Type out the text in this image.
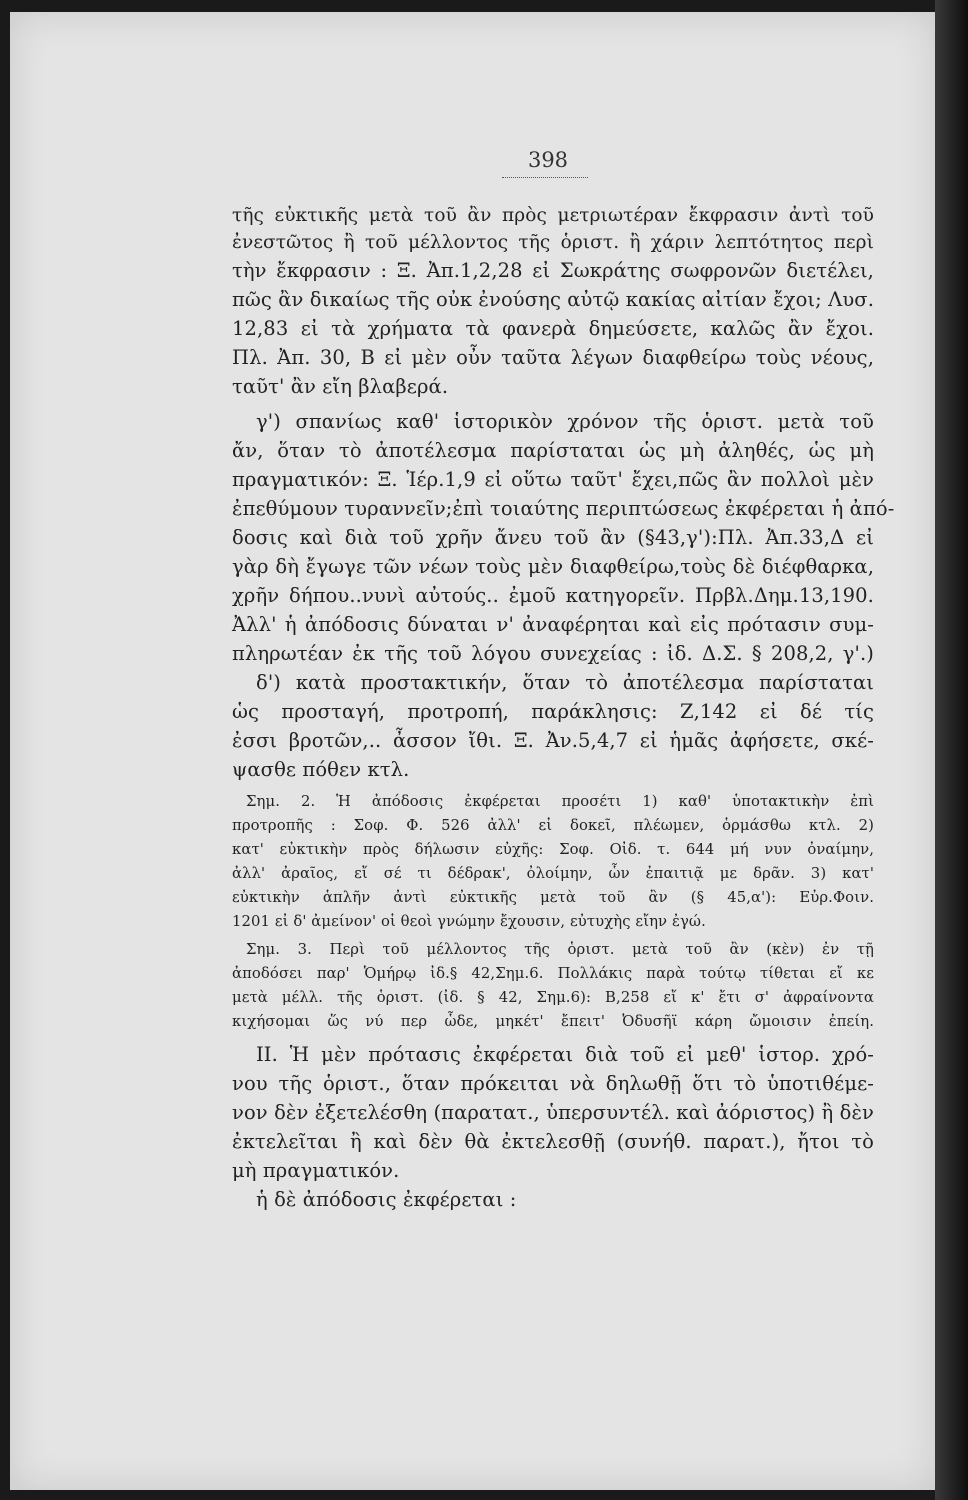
398
τῆς εὐκτικῆς μετὰ τοῦ ἂν πρὸς μετριωτέραν ἔκφρασιν ἀντὶ τοῦ
ἐνεστῶτος ἢ τοῦ μέλλοντος τῆς ὁριστ. ἢ χάριν λεπτότητος περὶ
τὴν ἔκφρασιν : Ξ. Ἀπ.1,2,28 εἰ Σωκράτης σωφρονῶν διετέλει,
πῶς ἂν δικαίως τῆς οὐκ ἐνούσης αὐτῷ κακίας αἰτίαν ἔχοι; Λυσ.
12,83 εἰ τὰ χρήματα τὰ φανερὰ δημεύσετε, καλῶς ἂν ἔχοι.
Πλ. Ἀπ. 30, Β εἰ μὲν οὖν ταῦτα λέγων διαφθείρω τοὺς νέους,
ταῦτ' ἂν εἴη βλαβερά.
γ') σπανίως καθ' ἱστορικὸν χρόνον τῆς ὁριστ. μετὰ τοῦ
ἄν, ὅταν τὸ ἀποτέλεσμα παρίσταται ὡς μὴ ἀληθές, ὡς μὴ
πραγματικόν: Ξ. Ἱέρ.1,9 εἰ οὕτω ταῦτ' ἔχει,πῶς ἂν πολλοὶ μὲν
ἐπεθύμουν τυραννεῖν;ἐπὶ τοιαύτης περιπτώσεως ἐκφέρεται ἡ ἀπό-
δοσις καὶ διὰ τοῦ χρῆν ἄνευ τοῦ ἂν (§43,γ'):Πλ. Ἀπ.33,Δ εἰ
γὰρ δὴ ἔγωγε τῶν νέων τοὺς μὲν διαφθείρω,τοὺς δὲ διέφθαρκα,
χρῆν δήπου..νυνὶ αὐτούς.. ἐμοῦ κατηγορεῖν. Πρβλ.Δημ.13,190.
Ἀλλ' ἡ ἀπόδοσις δύναται ν' ἀναφέρηται καὶ εἰς πρότασιν συμ-
πληρωτέαν ἐκ τῆς τοῦ λόγου συνεχείας : ἰδ. Δ.Σ. § 208,2, γ'.)
δ') κατὰ προστακτικήν, ὅταν τὸ ἀποτέλεσμα παρίσταται
ὡς προσταγή, προτροπή, παράκλησις: Ζ,142 εἰ δέ τίς
ἐσσι βροτῶν,.. ἆσσον ἴθι. Ξ. Ἀν.5,4,7 εἰ ἡμᾶς ἀφήσετε, σκέ-
ψασθε πόθεν κτλ.
Σημ. 2. Ἡ ἀπόδοσις ἐκφέρεται προσέτι 1) καθ' ὑποτακτικὴν ἐπὶ
προτροπῆς : Σοφ. Φ. 526 ἀλλ' εἰ δοκεῖ, πλέωμεν, ὁρμάσθω κτλ. 2)
κατ' εὐκτικὴν πρὸς δήλωσιν εὐχῆς: Σοφ. Οἰδ. τ. 644 μή νυν ὀναίμην,
ἀλλ' ἀραῖος, εἴ σέ τι δέδρακ', ὀλοίμην, ὧν ἐπαιτιᾷ με δρᾶν. 3) κατ'
εὐκτικὴν ἁπλῆν ἀντὶ εὐκτικῆς μετὰ τοῦ ἂν (§ 45,α'): Εὐρ.Φοιν.
1201 εἰ δ' ἀμείνον' οἱ θεοὶ γνώμην ἔχουσιν, εὐτυχὴς εἴην ἐγώ.
Σημ. 3. Περὶ τοῦ μέλλοντος τῆς ὁριστ. μετὰ τοῦ ἂν (κὲν) ἐν τῇ
ἀποδόσει παρ' Ὁμήρῳ ἰδ.§ 42,Σημ.6. Πολλάκις παρὰ τούτῳ τίθεται εἴ κε
μετὰ μέλλ. τῆς ὁριστ. (ἰδ. § 42, Σημ.6): Β,258 εἴ κ' ἔτι σ' ἀφραίνοντα
κιχήσομαι ὥς νύ περ ὧδε, μηκέτ' ἔπειτ' Ὀδυσῆϊ κάρη ὤμοισιν ἐπείη.
II. Ἡ μὲν πρότασις ἐκφέρεται διὰ τοῦ εἰ μεθ' ἱστορ. χρό-
νου τῆς ὁριστ., ὅταν πρόκειται νὰ δηλωθῇ ὅτι τὸ ὑποτιθέμε-
νον δὲν ἐξετελέσθη (παρατατ., ὑπερσυντέλ. καὶ ἀόριστος) ἢ δὲν
ἐκτελεῖται ἢ καὶ δὲν θὰ ἐκτελεσθῇ (συνήθ. παρατ.), ἤτοι τὸ
μὴ πραγματικόν.
ἡ δὲ ἀπόδοσις ἐκφέρεται :
